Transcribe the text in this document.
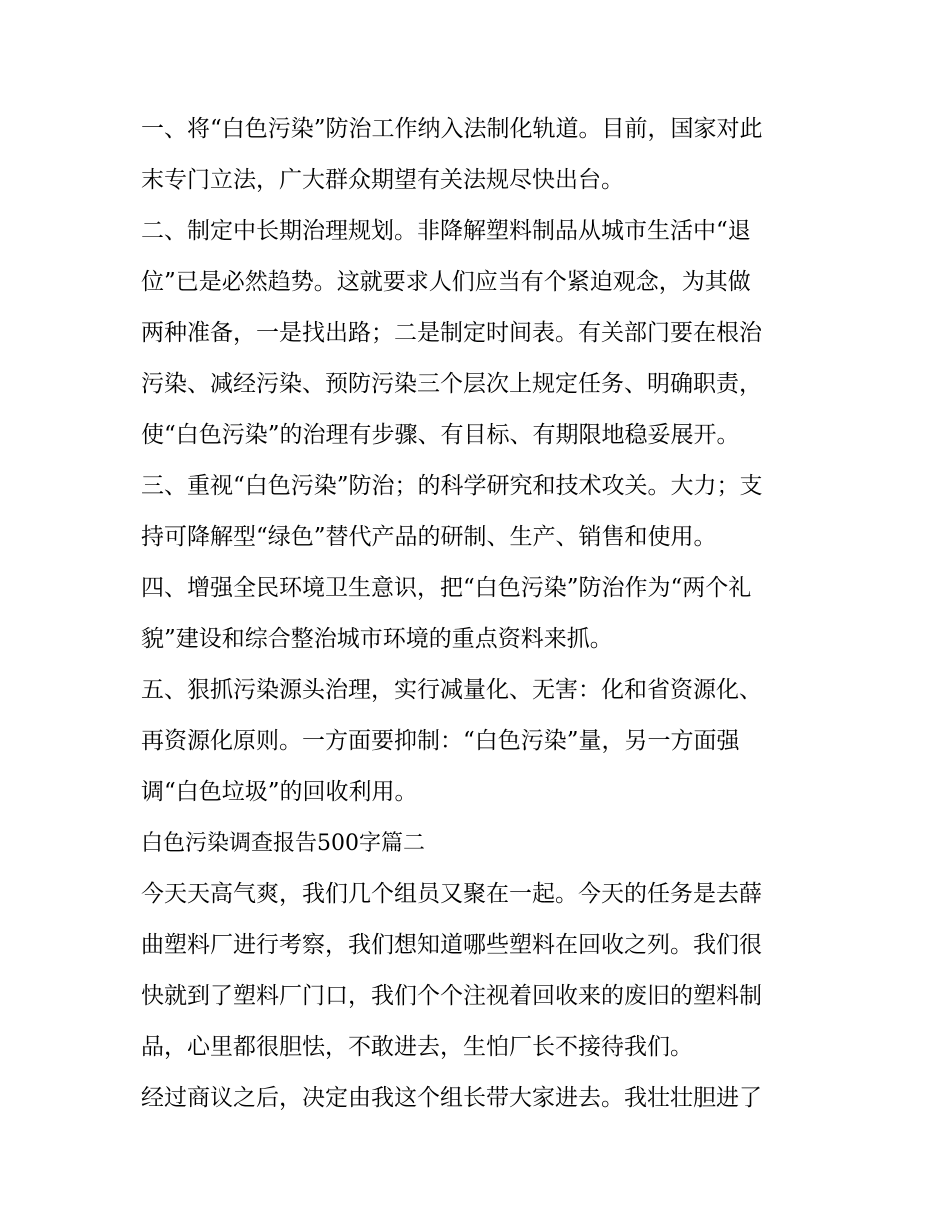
一、将“白色污染”防治工作纳入法制化轨道。目前，国家对此
末专门立法，广大群众期望有关法规尽快出台。
二、制定中长期治理规划。非降解塑料制品从城市生活中“退
位”已是必然趋势。这就要求人们应当有个紧迫观念，为其做
两种准备，一是找出路；二是制定时间表。有关部门要在根治
污染、减经污染、预防污染三个层次上规定任务、明确职责，
使“白色污染”的治理有步骤、有目标、有期限地稳妥展开。
三、重视“白色污染”防治；的科学研究和技术攻关。大力；支
持可降解型“绿色”替代产品的研制、生产、销售和使用。
四、增强全民环境卫生意识，把“白色污染”防治作为“两个礼
貌”建设和综合整治城市环境的重点资料来抓。
五、狠抓污染源头治理，实行减量化、无害：化和省资源化、
再资源化原则。一方面要抑制：“白色污染”量，另一方面强
调“白色垃圾”的回收利用。
白色污染调查报告500字篇二
今天天高气爽，我们几个组员又聚在一起。今天的任务是去薛
曲塑料厂进行考察，我们想知道哪些塑料在回收之列。我们很
快就到了塑料厂门口，我们个个注视着回收来的废旧的塑料制
品，心里都很胆怯，不敢进去，生怕厂长不接待我们。
经过商议之后，决定由我这个组长带大家进去。我壮壮胆进了
